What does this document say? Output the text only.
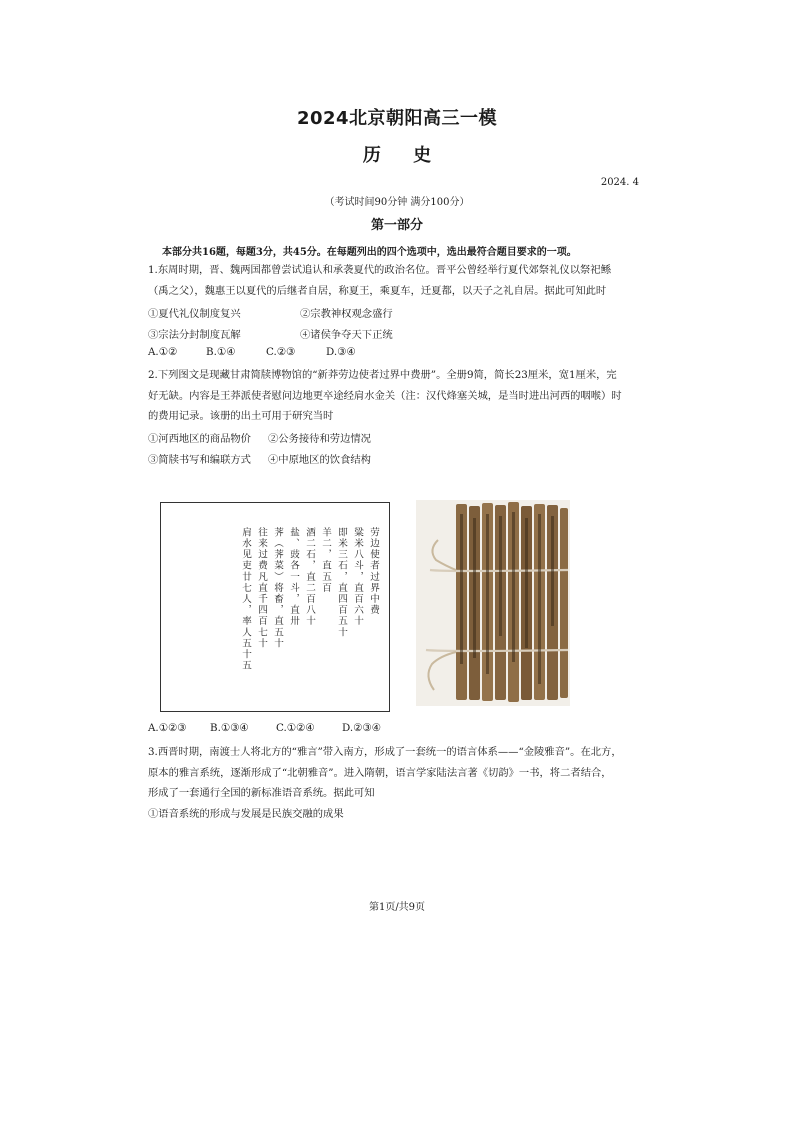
2024北京朝阳高三一模
历 史
2024. 4
（考试时间90分钟 满分100分）
第一部分
本部分共16题，每题3分，共45分。在每题列出的四个选项中，选出最符合题目要求的一项。
1.东周时期，晋、魏两国都曾尝试追认和承袭夏代的政治名位。晋平公曾经举行夏代郊祭礼仪以祭祀鲧
（禹之父），魏惠王以夏代的后继者自居，称夏王，乘夏车，迁夏都，以天子之礼自居。据此可知此时
①夏代礼仪制度复兴	②宗教神权观念盛行
③宗法分封制度瓦解	④诸侯争夺天下正统
A.①②	B.①④	C.②③	D.③④
2.下列图文是现藏甘肃简牍博物馆的“新莽劳边使者过界中费册”。全册9简，简长23厘米，宽1厘米，完
好无缺。内容是王莽派使者慰问边地更卒途经肩水金关（注：汉代烽塞关城，是当时进出河西的咽喉）时
的费用记录。该册的出土可用于研究当时
①河西地区的商品物价 ②公务接待和劳边情况
③简牍书写和编联方式 ④中原地区的饮食结构
劳边使者过界中费
粱米八斗，直百六十
即米三石，直四百五十
羊二，直五百
酒二石，直二百八十
盐、豉各一斗，直卅
荠（荠菜）将畜，直五十
往来过费凡直千四百七十
肩水见吏廿七人，率人五十五
A.①②③ B.①③④	C.①②④	D.②③④
3.西晋时期，南渡士人将北方的“雅言”带入南方，形成了一套统一的语言体系——“金陵雅音”。在北方，
原本的雅言系统，逐渐形成了“北朝雅音”。进入隋朝，语言学家陆法言著《切韵》一书，将二者结合，
形成了一套通行全国的新标准语音系统。据此可知
①语音系统的形成与发展是民族交融的成果
第1页/共9页
